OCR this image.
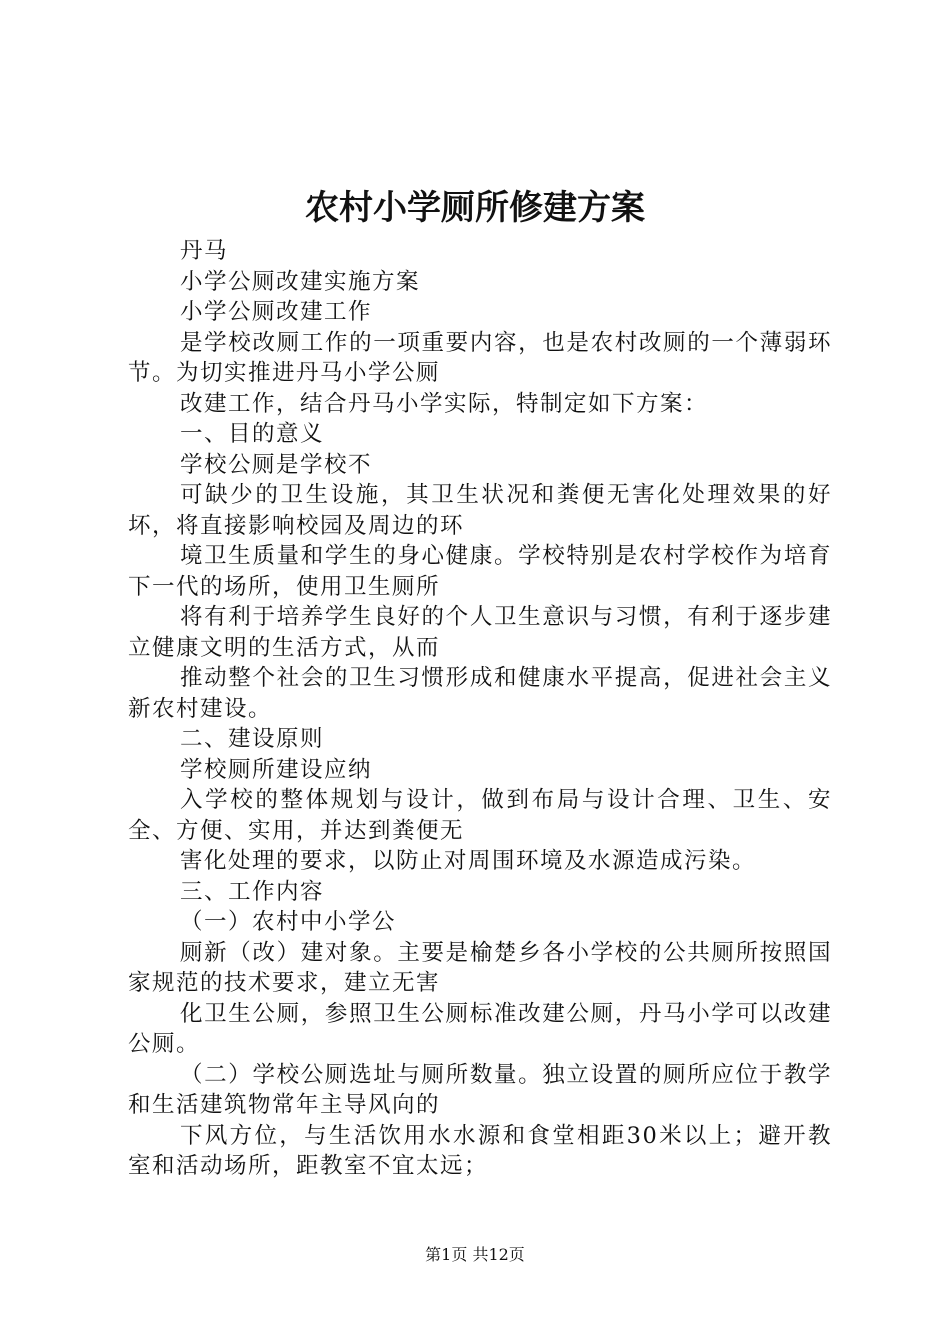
农村小学厕所修建方案

丹马

小学公厕改建实施方案

小学公厕改建工作

是学校改厕工作的一项重要内容，也是农村改厕的一个薄弱环节。为切实推进丹马小学公厕

改建工作，结合丹马小学实际，特制定如下方案：

一、目的意义

学校公厕是学校不

可缺少的卫生设施，其卫生状况和粪便无害化处理效果的好坏，将直接影响校园及周边的环

境卫生质量和学生的身心健康。学校特别是农村学校作为培育下一代的场所，使用卫生厕所

将有利于培养学生良好的个人卫生意识与习惯，有利于逐步建立健康文明的生活方式，从而

推动整个社会的卫生习惯形成和健康水平提高，促进社会主义新农村建设。

二、建设原则

学校厕所建设应纳

入学校的整体规划与设计，做到布局与设计合理、卫生、安全、方便、实用，并达到粪便无

害化处理的要求，以防止对周围环境及水源造成污染。

三、工作内容

（一）农村中小学公

厕新（改）建对象。主要是榆楚乡各小学校的公共厕所按照国家规范的技术要求，建立无害

化卫生公厕，参照卫生公厕标准改建公厕，丹马小学可以改建公厕。

（二）学校公厕选址与厕所数量。独立设置的厕所应位于教学和生活建筑物常年主导风向的

下风方位，与生活饮用水水源和食堂相距30米以上；避开教室和活动场所，距教室不宜太远；

第1页 共12页
